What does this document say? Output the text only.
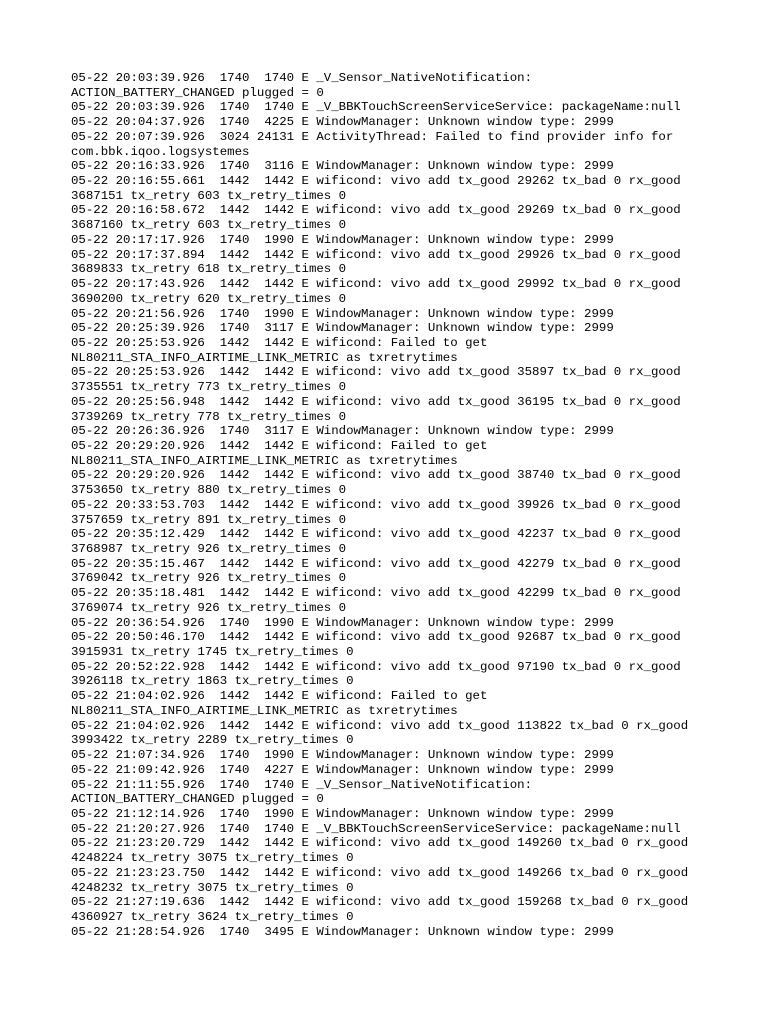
05-22 20:03:39.926  1740  1740 E _V_Sensor_NativeNotification:

ACTION_BATTERY_CHANGED plugged = 0

05-22 20:03:39.926  1740  1740 E _V_BBKTouchScreenServiceService: packageName:null

05-22 20:04:37.926  1740  4225 E WindowManager: Unknown window type: 2999

05-22 20:07:39.926  3024 24131 E ActivityThread: Failed to find provider info for

com.bbk.iqoo.logsystemes

05-22 20:16:33.926  1740  3116 E WindowManager: Unknown window type: 2999

05-22 20:16:55.661  1442  1442 E wificond: vivo add tx_good 29262 tx_bad 0 rx_good

3687151 tx_retry 603 tx_retry_times 0

05-22 20:16:58.672  1442  1442 E wificond: vivo add tx_good 29269 tx_bad 0 rx_good

3687160 tx_retry 603 tx_retry_times 0

05-22 20:17:17.926  1740  1990 E WindowManager: Unknown window type: 2999

05-22 20:17:37.894  1442  1442 E wificond: vivo add tx_good 29926 tx_bad 0 rx_good

3689833 tx_retry 618 tx_retry_times 0

05-22 20:17:43.926  1442  1442 E wificond: vivo add tx_good 29992 tx_bad 0 rx_good

3690200 tx_retry 620 tx_retry_times 0

05-22 20:21:56.926  1740  1990 E WindowManager: Unknown window type: 2999

05-22 20:25:39.926  1740  3117 E WindowManager: Unknown window type: 2999

05-22 20:25:53.926  1442  1442 E wificond: Failed to get

NL80211_STA_INFO_AIRTIME_LINK_METRIC as txretrytimes

05-22 20:25:53.926  1442  1442 E wificond: vivo add tx_good 35897 tx_bad 0 rx_good

3735551 tx_retry 773 tx_retry_times 0

05-22 20:25:56.948  1442  1442 E wificond: vivo add tx_good 36195 tx_bad 0 rx_good

3739269 tx_retry 778 tx_retry_times 0

05-22 20:26:36.926  1740  3117 E WindowManager: Unknown window type: 2999

05-22 20:29:20.926  1442  1442 E wificond: Failed to get

NL80211_STA_INFO_AIRTIME_LINK_METRIC as txretrytimes

05-22 20:29:20.926  1442  1442 E wificond: vivo add tx_good 38740 tx_bad 0 rx_good

3753650 tx_retry 880 tx_retry_times 0

05-22 20:33:53.703  1442  1442 E wificond: vivo add tx_good 39926 tx_bad 0 rx_good

3757659 tx_retry 891 tx_retry_times 0

05-22 20:35:12.429  1442  1442 E wificond: vivo add tx_good 42237 tx_bad 0 rx_good

3768987 tx_retry 926 tx_retry_times 0

05-22 20:35:15.467  1442  1442 E wificond: vivo add tx_good 42279 tx_bad 0 rx_good

3769042 tx_retry 926 tx_retry_times 0

05-22 20:35:18.481  1442  1442 E wificond: vivo add tx_good 42299 tx_bad 0 rx_good

3769074 tx_retry 926 tx_retry_times 0

05-22 20:36:54.926  1740  1990 E WindowManager: Unknown window type: 2999

05-22 20:50:46.170  1442  1442 E wificond: vivo add tx_good 92687 tx_bad 0 rx_good

3915931 tx_retry 1745 tx_retry_times 0

05-22 20:52:22.928  1442  1442 E wificond: vivo add tx_good 97190 tx_bad 0 rx_good

3926118 tx_retry 1863 tx_retry_times 0

05-22 21:04:02.926  1442  1442 E wificond: Failed to get

NL80211_STA_INFO_AIRTIME_LINK_METRIC as txretrytimes

05-22 21:04:02.926  1442  1442 E wificond: vivo add tx_good 113822 tx_bad 0 rx_good

3993422 tx_retry 2289 tx_retry_times 0

05-22 21:07:34.926  1740  1990 E WindowManager: Unknown window type: 2999

05-22 21:09:42.926  1740  4227 E WindowManager: Unknown window type: 2999

05-22 21:11:55.926  1740  1740 E _V_Sensor_NativeNotification:

ACTION_BATTERY_CHANGED plugged = 0

05-22 21:12:14.926  1740  1990 E WindowManager: Unknown window type: 2999

05-22 21:20:27.926  1740  1740 E _V_BBKTouchScreenServiceService: packageName:null

05-22 21:23:20.729  1442  1442 E wificond: vivo add tx_good 149260 tx_bad 0 rx_good

4248224 tx_retry 3075 tx_retry_times 0

05-22 21:23:23.750  1442  1442 E wificond: vivo add tx_good 149266 tx_bad 0 rx_good

4248232 tx_retry 3075 tx_retry_times 0

05-22 21:27:19.636  1442  1442 E wificond: vivo add tx_good 159268 tx_bad 0 rx_good

4360927 tx_retry 3624 tx_retry_times 0

05-22 21:28:54.926  1740  3495 E WindowManager: Unknown window type: 2999
